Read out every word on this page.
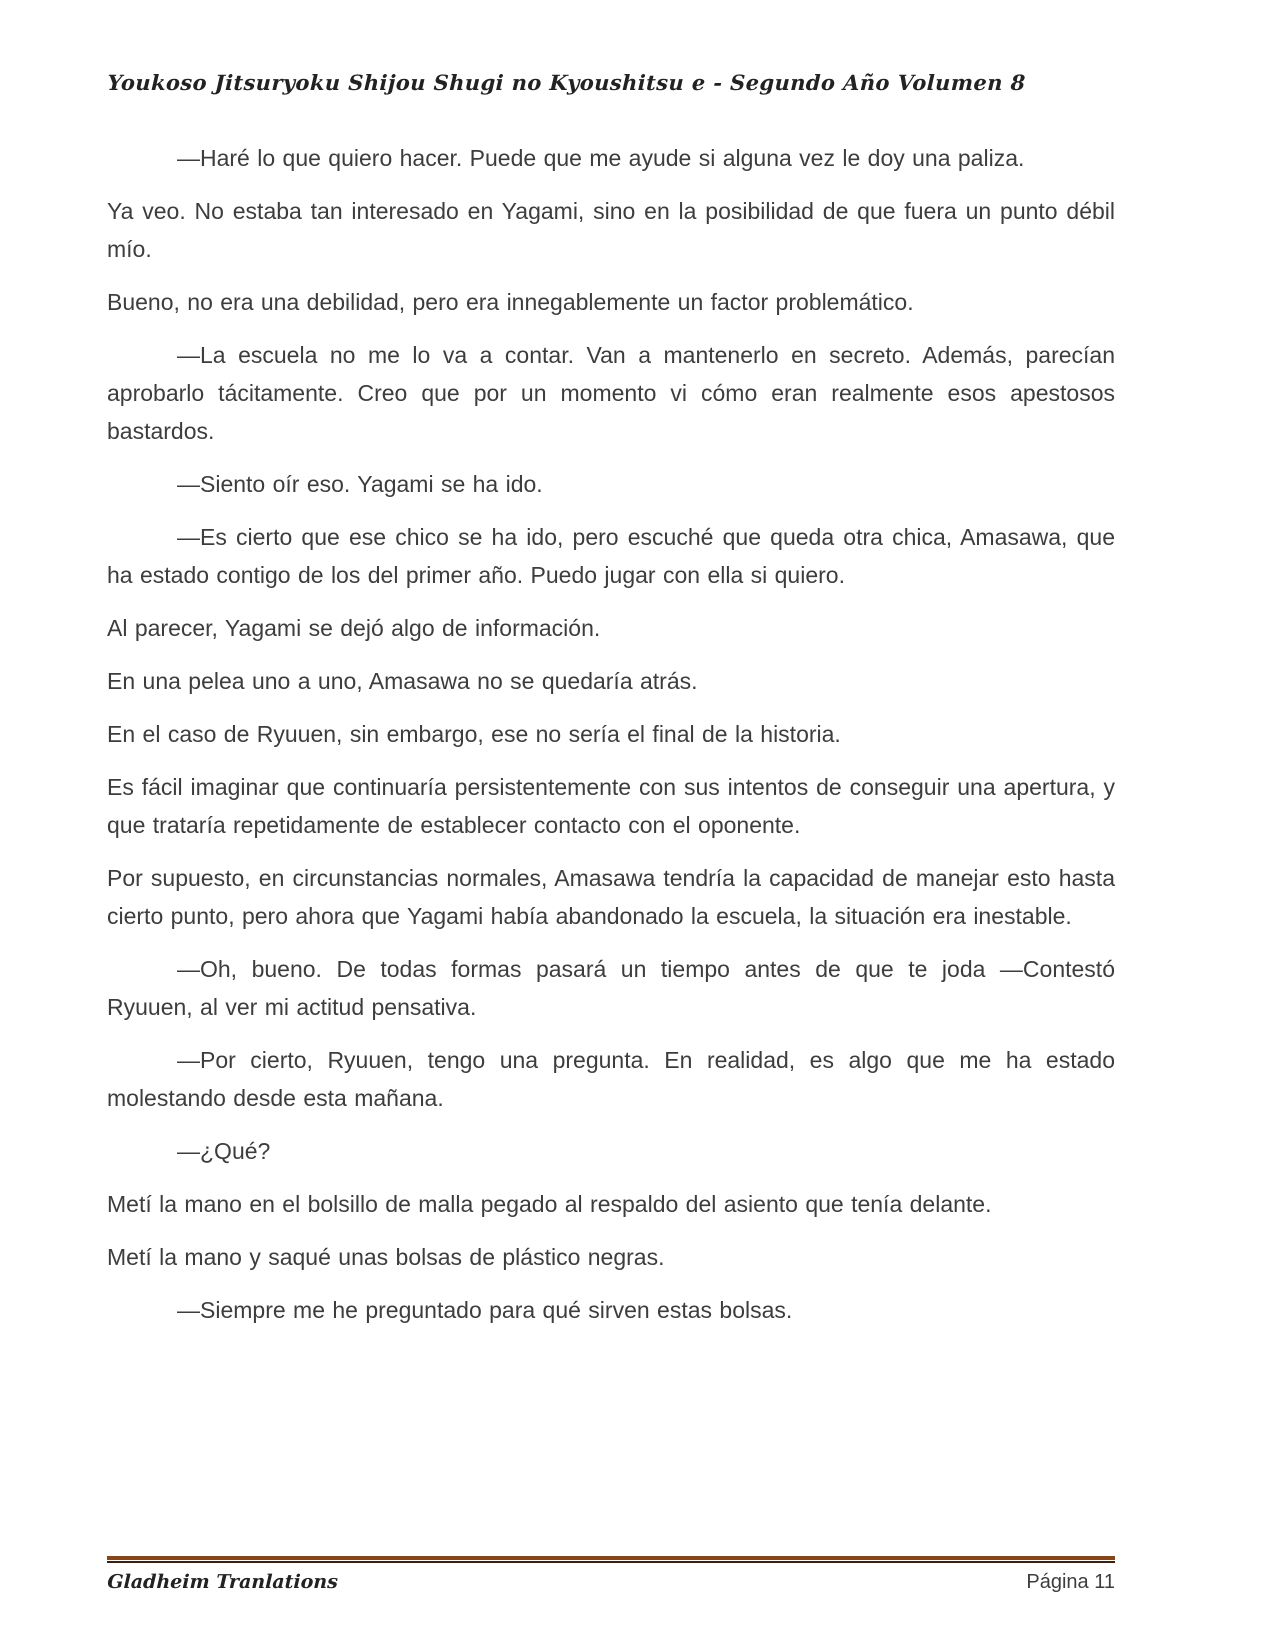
Youkoso Jitsuryoku Shijou Shugi no Kyoushitsu e - Segundo Año Volumen 8

—Haré lo que quiero hacer. Puede que me ayude si alguna vez le doy una paliza.

Ya veo. No estaba tan interesado en Yagami, sino en la posibilidad de que fuera un punto débil mío.

Bueno, no era una debilidad, pero era innegablemente un factor problemático.

—La escuela no me lo va a contar. Van a mantenerlo en secreto. Además, parecían aprobarlo tácitamente. Creo que por un momento vi cómo eran realmente esos apestosos bastardos.

—Siento oír eso. Yagami se ha ido.

—Es cierto que ese chico se ha ido, pero escuché que queda otra chica, Amasawa, que ha estado contigo de los del primer año. Puedo jugar con ella si quiero.

Al parecer, Yagami se dejó algo de información.

En una pelea uno a uno, Amasawa no se quedaría atrás.

En el caso de Ryuuen, sin embargo, ese no sería el final de la historia.

Es fácil imaginar que continuaría persistentemente con sus intentos de conseguir una apertura, y que trataría repetidamente de establecer contacto con el oponente.

Por supuesto, en circunstancias normales, Amasawa tendría la capacidad de manejar esto hasta cierto punto, pero ahora que Yagami había abandonado la escuela, la situación era inestable.

—Oh, bueno. De todas formas pasará un tiempo antes de que te joda —Contestó Ryuuen, al ver mi actitud pensativa.

—Por cierto, Ryuuen, tengo una pregunta. En realidad, es algo que me ha estado molestando desde esta mañana.

—¿Qué?

Metí la mano en el bolsillo de malla pegado al respaldo del asiento que tenía delante.

Metí la mano y saqué unas bolsas de plástico negras.

—Siempre me he preguntado para qué sirven estas bolsas.

Gladheim Tranlations	Página 11
